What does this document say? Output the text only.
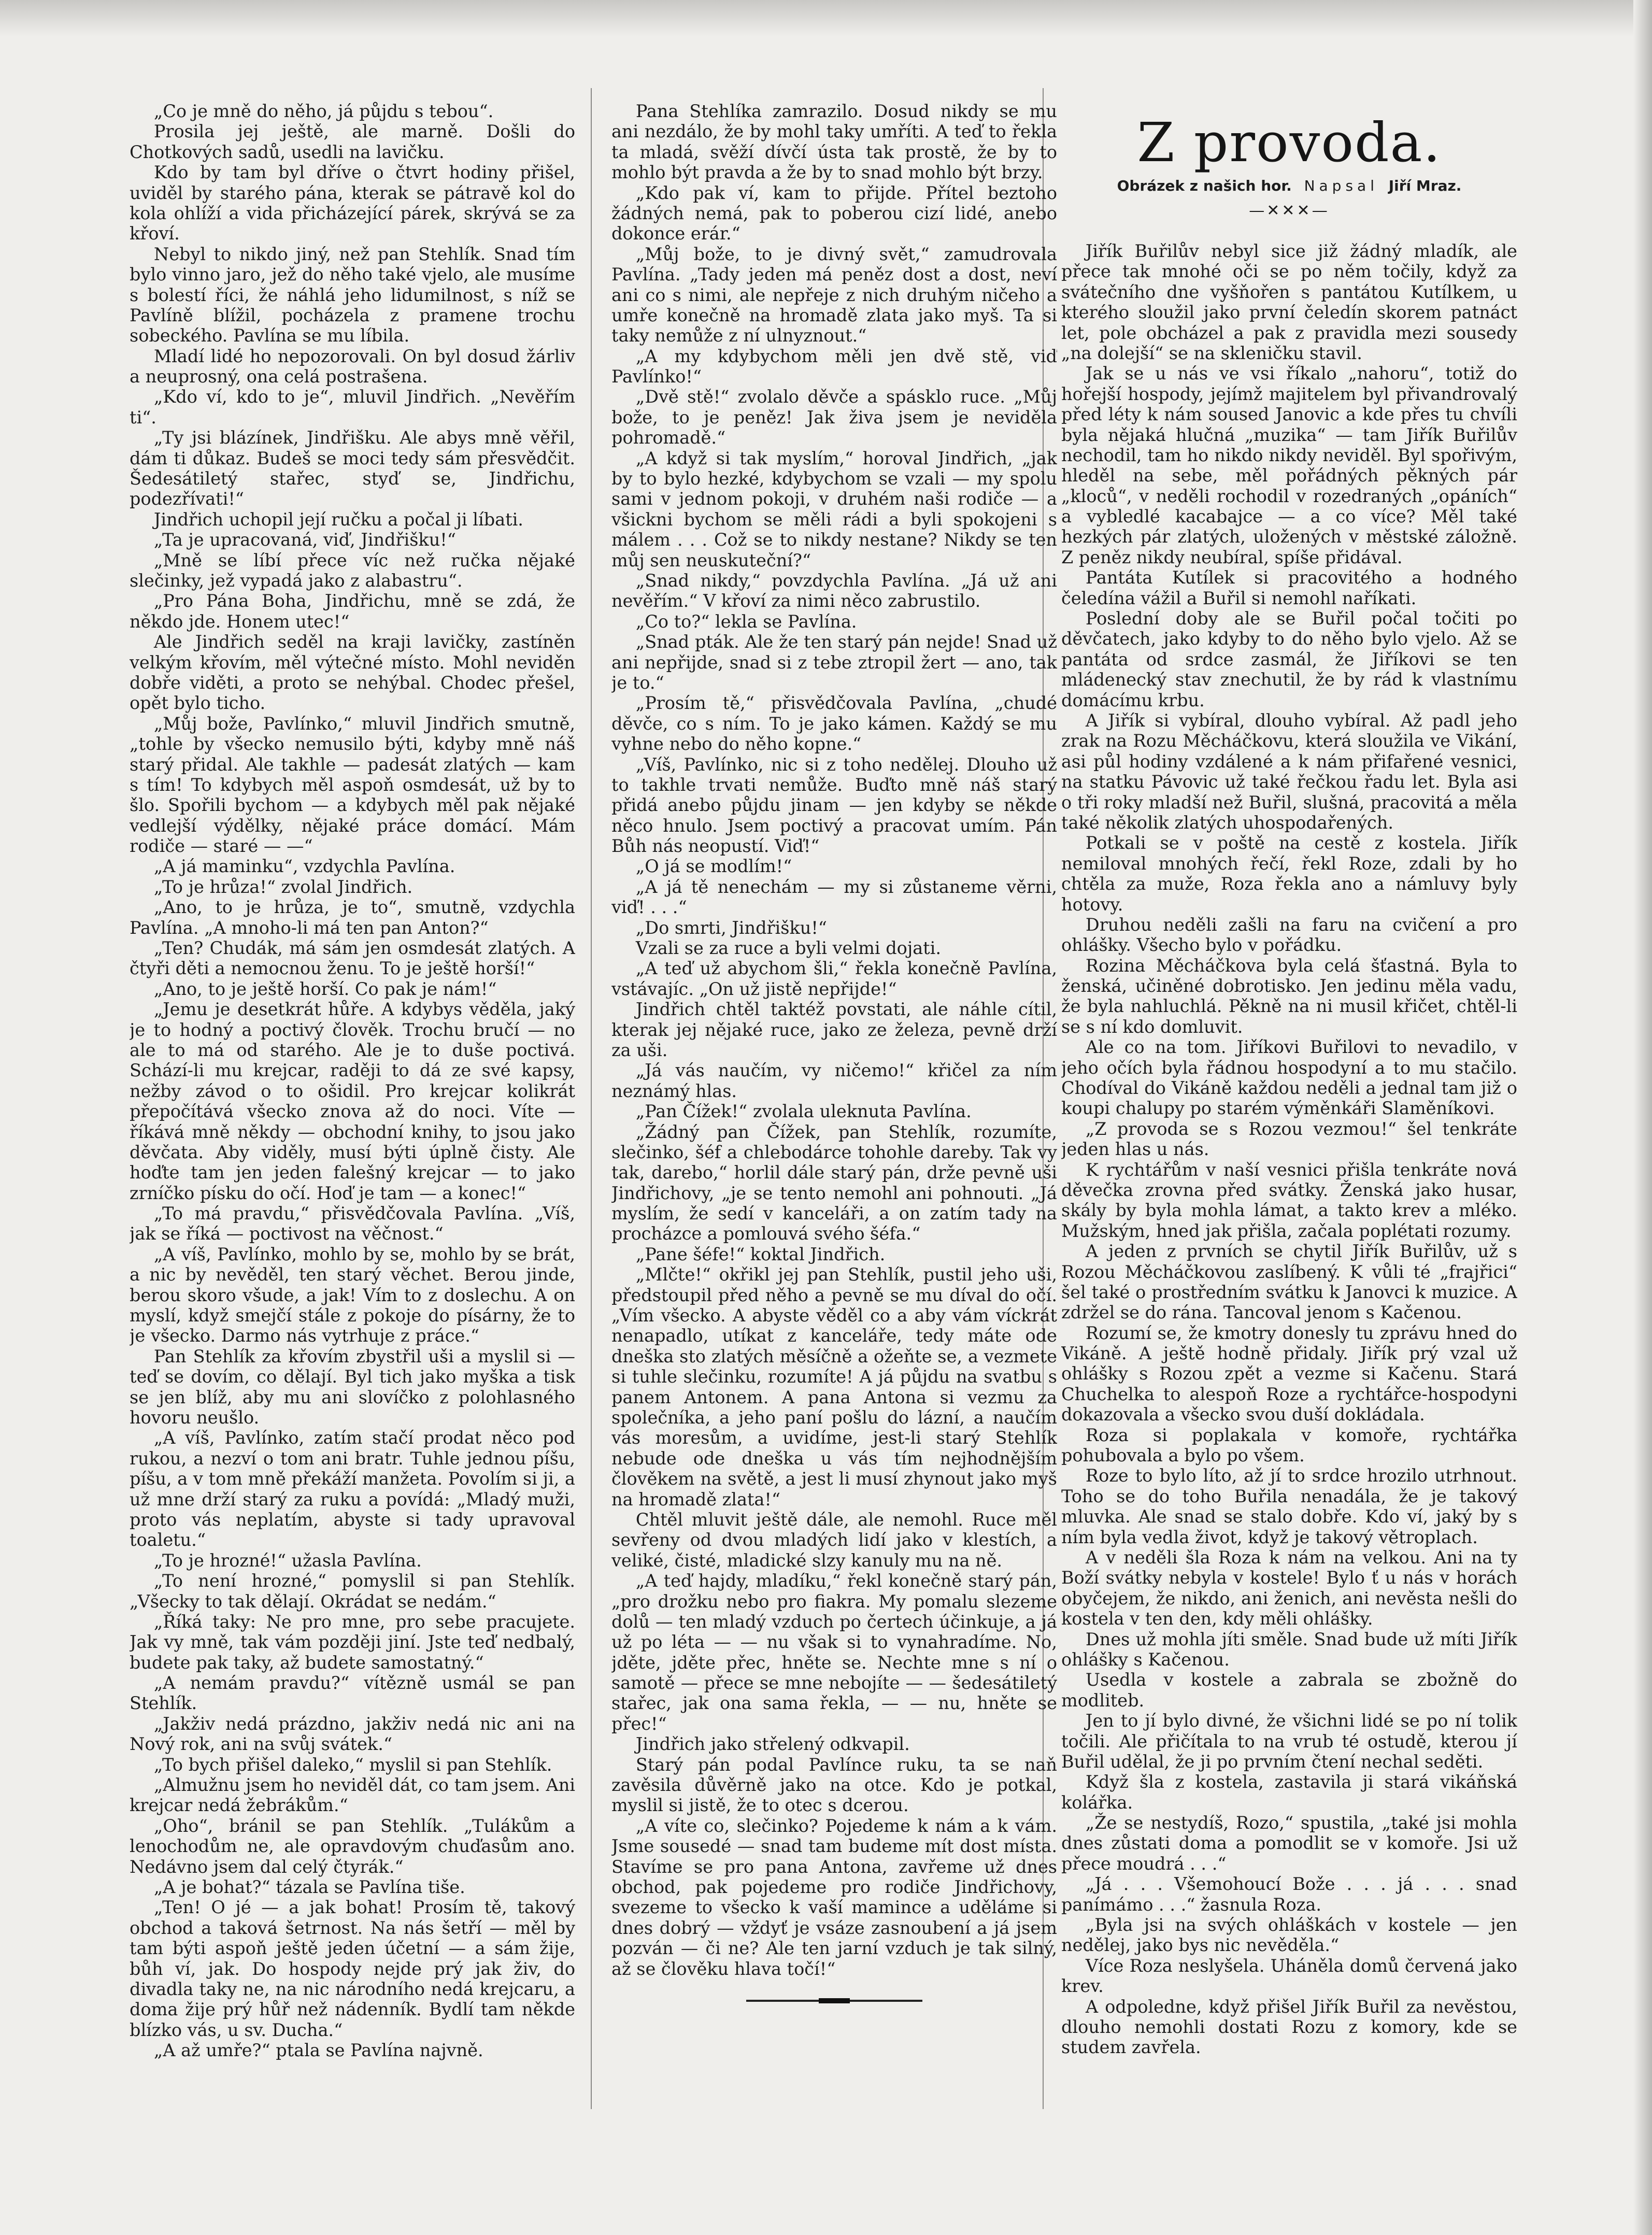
„Co je mně do něho, já půjdu s tebou“.

Prosila jej ještě, ale marně. Došli do Chotkových sadů, usedli na lavičku.

Kdo by tam byl dříve o čtvrt hodiny přišel, uviděl by starého pána, kterak se pátravě kol do kola ohlíží a vida přicházející párek, skrývá se za křoví.

Nebyl to nikdo jiný, než pan Stehlík. Snad tím bylo vinno jaro, jež do něho také vjelo, ale musíme s bolestí říci, že náhlá jeho lidumilnost, s níž se Pavlíně blížil, pocházela z pramene trochu sobeckého. Pavlína se mu líbila.

Mladí lidé ho nepozorovali. On byl dosud žárliv a neuprosný, ona celá postrašena.

„Kdo ví, kdo to je“, mluvil Jindřich. „Nevěřím ti“.

„Ty jsi blázínek, Jindřišku. Ale abys mně věřil, dám ti důkaz. Budeš se moci tedy sám přesvědčit. Šedesátiletý stařec, styď se, Jindřichu, podezřívati!“

Jindřich uchopil její ručku a počal ji líbati.

„Ta je upracovaná, viď, Jindřišku!“

„Mně se líbí přece víc než ručka nějaké slečinky, jež vypadá jako z alabastru“.

„Pro Pána Boha, Jindřichu, mně se zdá, že někdo jde. Honem utec!“

Ale Jindřich seděl na kraji lavičky, zastíněn velkým křovím, měl výtečné místo. Mohl neviděn dobře viděti, a proto se nehýbal. Chodec přešel, opět bylo ticho.

„Můj bože, Pavlínko,“ mluvil Jindřich smutně, „tohle by všecko nemusilo býti, kdyby mně náš starý přidal. Ale takhle — padesát zlatých — kam s tím! To kdybych měl aspoň osmdesát, už by to šlo. Spořili bychom — a kdybych měl pak nějaké vedlejší výdělky, nějaké práce domácí. Mám rodiče — staré — —“

„A já maminku“, vzdychla Pavlína.

„To je hrůza!“ zvolal Jindřich.

„Ano, to je hrůza, je to“, smutně, vzdychla Pavlína. „A mnoho-li má ten pan Anton?“

„Ten? Chudák, má sám jen osmdesát zlatých. A čtyři děti a nemocnou ženu. To je ještě horší!“

„Ano, to je ještě horší. Co pak je nám!“

„Jemu je desetkrát hůře. A kdybys věděla, jaký je to hodný a poctivý člověk. Trochu bručí — no ale to má od starého. Ale je to duše poctivá. Schází-li mu krejcar, raději to dá ze své kapsy, nežby závod o to ošidil. Pro krejcar kolikrát přepočítává všecko znova až do noci. Víte — říkává mně někdy — obchodní knihy, to jsou jako děvčata. Aby viděly, musí býti úplně čisty. Ale hoďte tam jen jeden falešný krejcar — to jako zrníčko písku do očí. Hoď je tam — a konec!“

„To má pravdu,“ přisvědčovala Pavlína. „Víš, jak se říká — poctivost na věčnost.“

„A víš, Pavlínko, mohlo by se, mohlo by se brát, a nic by nevěděl, ten starý věchet. Berou jinde, berou skoro všude, a jak! Vím to z doslechu. A on myslí, když smejčí stále z pokoje do písárny, že to je všecko. Darmo nás vytrhuje z práce.“

Pan Stehlík za křovím zbystřil uši a myslil si — teď se dovím, co dělají. Byl tich jako myška a tisk se jen blíž, aby mu ani slovíčko z polohlasného hovoru neušlo.

„A víš, Pavlínko, zatím stačí prodat něco pod rukou, a nezví o tom ani bratr. Tuhle jednou píšu, píšu, a v tom mně překáží manžeta. Povolím si ji, a už mne drží starý za ruku a povídá: „Mladý muži, proto vás neplatím, abyste si tady upravoval toaletu.“

„To je hrozné!“ užasla Pavlína.

„To není hrozné,“ pomyslil si pan Stehlík. „Všecky to tak dělají. Okrádat se nedám.“

„Říká taky: Ne pro mne, pro sebe pracujete. Jak vy mně, tak vám později jiní. Jste teď nedbalý, budete pak taky, až budete samostatný.“

„A nemám pravdu?“ vítězně usmál se pan Stehlík.

„Jakživ nedá prázdno, jakživ nedá nic ani na Nový rok, ani na svůj svátek.“

„To bych přišel daleko,“ myslil si pan Stehlík.

„Almužnu jsem ho neviděl dát, co tam jsem. Ani krejcar nedá žebrákům.“

„Oho“, bránil se pan Stehlík. „Tulákům a lenochodům ne, ale opravdovým chuďasům ano. Nedávno jsem dal celý čtyrák.“

„A je bohat?“ tázala se Pavlína tiše.

„Ten! O jé — a jak bohat! Prosím tě, takový obchod a taková šetrnost. Na nás šetří — měl by tam býti aspoň ještě jeden účetní — a sám žije, bůh ví, jak. Do hospody nejde prý jak živ, do divadla taky ne, na nic národního nedá krejcaru, a doma žije prý hůř než nádenník. Bydlí tam někde blízko vás, u sv. Ducha.“

„A až umře?“ ptala se Pavlína najvně.

Pana Stehlíka zamrazilo. Dosud nikdy se mu ani nezdálo, že by mohl taky umříti. A teď to řekla ta mladá, svěží dívčí ústa tak prostě, že by to mohlo být pravda a že by to snad mohlo být brzy.

„Kdo pak ví, kam to přijde. Přítel beztoho žádných nemá, pak to poberou cizí lidé, anebo dokonce erár.“

„Můj bože, to je divný svět,“ zamudrovala Pavlína. „Tady jeden má peněz dost a dost, neví ani co s nimi, ale nepřeje z nich druhým ničeho a umře konečně na hromadě zlata jako myš. Ta si taky nemůže z ní ulnyznout.“

„A my kdybychom měli jen dvě stě, viď Pavlínko!“

„Dvě stě!“ zvolalo děvče a spásklo ruce. „Můj bože, to je peněz! Jak živa jsem je neviděla pohromadě.“

„A když si tak myslím,“ horoval Jindřich, „jak by to bylo hezké, kdybychom se vzali — my spolu sami v jednom pokoji, v druhém naši rodiče — a všickni bychom se měli rádi a byli spokojeni s málem . . . Což se to nikdy nestane? Nikdy se ten můj sen neuskuteční?“

„Snad nikdy,“ povzdychla Pavlína. „Já už ani nevěřím.“ V křoví za nimi něco zabrustilo.

„Co to?“ lekla se Pavlína.

„Snad pták. Ale že ten starý pán nejde! Snad už ani nepřijde, snad si z tebe ztropil žert — ano, tak je to.“

„Prosím tě,“ přisvědčovala Pavlína, „chudé děvče, co s ním. To je jako kámen. Každý se mu vyhne nebo do něho kopne.“

„Víš, Pavlínko, nic si z toho nedělej. Dlouho už to takhle trvati nemůže. Buďto mně náš starý přidá anebo půjdu jinam — jen kdyby se někde něco hnulo. Jsem poctivý a pracovat umím. Pán Bůh nás neopustí. Viď!“

„O já se modlím!“

„A já tě nenechám — my si zůstaneme věrni, viď! . . .“

„Do smrti, Jindřišku!“

Vzali se za ruce a byli velmi dojati.

„A teď už abychom šli,“ řekla konečně Pavlína, vstávajíc. „On už jistě nepřijde!“

Jindřich chtěl taktéž povstati, ale náhle cítil, kterak jej nějaké ruce, jako ze železa, pevně drží za uši.

„Já vás naučím, vy ničemo!“ křičel za ním neznámý hlas.

„Pan Čížek!“ zvolala uleknuta Pavlína.

„Žádný pan Čížek, pan Stehlík, rozumíte, slečinko, šéf a chlebodárce tohohle dareby. Tak vy tak, darebo,“ horlil dále starý pán, drže pevně uši Jindřichovy, „je se tento nemohl ani pohnouti. „Já myslím, že sedí v kanceláři, a on zatím tady na procházce a pomlouvá svého šéfa.“

„Pane šéfe!“ koktal Jindřich.

„Mlčte!“ okřikl jej pan Stehlík, pustil jeho uši, předstoupil před něho a pevně se mu díval do očí. „Vím všecko. A abyste věděl co a aby vám víckrát nenapadlo, utíkat z kanceláře, tedy máte ode dneška sto zlatých měsíčně a ožeňte se, a vezmete si tuhle slečinku, rozumíte! A já půjdu na svatbu s panem Antonem. A pana Antona si vezmu za společníka, a jeho paní pošlu do lázní, a naučím vás moresům, a uvidíme, jest-li starý Stehlík nebude ode dneška u vás tím nejhodnějším člověkem na světě, a jest li musí zhynout jako myš na hromadě zlata!“

Chtěl mluvit ještě dále, ale nemohl. Ruce měl sevřeny od dvou mladých lidí jako v klestích, a veliké, čisté, mladické slzy kanuly mu na ně.

„A teď hajdy, mladíku,“ řekl konečně starý pán, „pro drožku nebo pro fiakra. My pomalu slezeme dolů — ten mladý vzduch po čertech účinkuje, a já už po léta — — nu však si to vynahradíme. No, jděte, jděte přec, hněte se. Nechte mne s ní o samotě — přece se mne nebojíte — — šedesátiletý stařec, jak ona sama řekla, — — nu, hněte se přec!“

Jindřich jako střelený odkvapil.

Starý pán podal Pavlínce ruku, ta se naň zavěsila důvěrně jako na otce. Kdo je potkal, myslil si jistě, že to otec s dcerou.

„A víte co, slečinko? Pojedeme k nám a k vám. Jsme sousedé — snad tam budeme mít dost místa. Stavíme se pro pana Antona, zavřeme už dnes obchod, pak pojedeme pro rodiče Jindřichovy, svezeme to všecko k vaší mamince a uděláme si dnes dobrý — vždyť je vsáze zasnoubení a já jsem pozván — či ne? Ale ten jarní vzduch je tak silný, až se člověku hlava točí!“

Z provoda.
Obrázek z našich hor. Napsal Jiří Mraz.
—✕✕✕—

Jiřík Buřilův nebyl sice již žádný mladík, ale přece tak mnohé oči se po něm točily, když za svátečního dne vyšňořen s pantátou Kutílkem, u kterého sloužil jako první čeledín skorem patnáct let, pole obcházel a pak z pravidla mezi sousedy „na dolejší“ se na skleničku stavil.

Jak se u nás ve vsi říkalo „nahoru“, totiž do hořejší hospody, jejímž majitelem byl přivandrovalý před léty k nám soused Janovic a kde přes tu chvíli byla nějaká hlučná „muzika“ — tam Jiřík Buřilův nechodil, tam ho nikdo nikdy neviděl. Byl spořivým, hleděl na sebe, měl pořádných pěkných pár „kloců“, v neděli rochodil v rozedraných „opáních“ a vybledlé kacabajce — a co více? Měl také hezkých pár zlatých, uložených v městské záložně. Z peněz nikdy neubíral, spíše přidával.

Pantáta Kutílek si pracovitého a hodného čeledína vážil a Buřil si nemohl naříkati.

Poslední doby ale se Buřil počal točiti po děvčatech, jako kdyby to do něho bylo vjelo. Až se pantáta od srdce zasmál, že Jiříkovi se ten mládenecký stav znechutil, že by rád k vlastnímu domácímu krbu.

A Jiřík si vybíral, dlouho vybíral. Až padl jeho zrak na Rozu Měcháčkovu, která sloužila ve Vikání, asi půl hodiny vzdálené a k nám přifařené vesnici, na statku Pávovic už také řečkou řadu let. Byla asi o tři roky mladší než Buřil, slušná, pracovitá a měla také několik zlatých uhospodařených.

Potkali se v poště na cestě z kostela. Jiřík nemiloval mnohých řečí, řekl Roze, zdali by ho chtěla za muže, Roza řekla ano a námluvy byly hotovy.

Druhou neděli zašli na faru na cvičení a pro ohlášky. Všecho bylo v pořádku.

Rozina Měcháčkova byla celá šťastná. Byla to ženská, učiněné dobrotisko. Jen jedinu měla vadu, že byla nahluchlá. Pěkně na ni musil křičet, chtěl-li se s ní kdo domluvit.

Ale co na tom. Jiříkovi Buřilovi to nevadilo, v jeho očích byla řádnou hospodyní a to mu stačilo. Chodíval do Vikáně každou neděli a jednal tam již o koupi chalupy po starém výměnkáři Slaměníkovi.

„Z provoda se s Rozou vezmou!“ šel tenkráte jeden hlas u nás.

K rychtářům v naší vesnici přišla tenkráte nová děvečka zrovna před svátky. Ženská jako husar, skály by byla mohla lámat, a takto krev a mléko. Mužským, hned jak přišla, začala poplétati rozumy.

A jeden z prvních se chytil Jiřík Buřilův, už s Rozou Měcháčkovou zaslíbený. K vůli té „frajřici“ šel také o prostředním svátku k Janovci k muzice. A zdržel se do rána. Tancoval jenom s Kačenou.

Rozumí se, že kmotry donesly tu zprávu hned do Vikáně. A ještě hodně přidaly. Jiřík prý vzal už ohlášky s Rozou zpět a vezme si Kačenu. Stará Chuchelka to alespoň Roze a rychtářce-hospodyni dokazovala a všecko svou duší dokládala.

Roza si poplakala v komoře, rychtářka pohubovala a bylo po všem.

Roze to bylo líto, až jí to srdce hrozilo utrhnout. Toho se do toho Buřila nenadála, že je takový mluvka. Ale snad se stalo dobře. Kdo ví, jaký by s ním byla vedla život, když je takový větroplach.

A v neděli šla Roza k nám na velkou. Ani na ty Boží svátky nebyla v kostele! Bylo ť u nás v horách obyčejem, že nikdo, ani ženich, ani nevěsta nešli do kostela v ten den, kdy měli ohlášky.

Dnes už mohla jíti směle. Snad bude už míti Jiřík ohlášky s Kačenou.

Usedla v kostele a zabrala se zbožně do modliteb.

Jen to jí bylo divné, že všichni lidé se po ní tolik točili. Ale přičítala to na vrub té ostudě, kterou jí Buřil udělal, že ji po prvním čtení nechal seděti.

Když šla z kostela, zastavila ji stará vikáňská kolářka.

„Že se nestydíš, Rozo,“ spustila, „také jsi mohla dnes zůstati doma a pomodlit se v komoře. Jsi už přece moudrá . . .“

„Já . . . Všemohoucí Bože . . . já . . . snad panímámo . . .“ žasnula Roza.

„Byla jsi na svých ohláškách v kostele — jen nedělej, jako bys nic nevěděla.“

Více Roza neslyšela. Uháněla domů červená jako krev.

A odpoledne, když přišel Jiřík Buřil za nevěstou, dlouho nemohli dostati Rozu z komory, kde se studem zavřela.
